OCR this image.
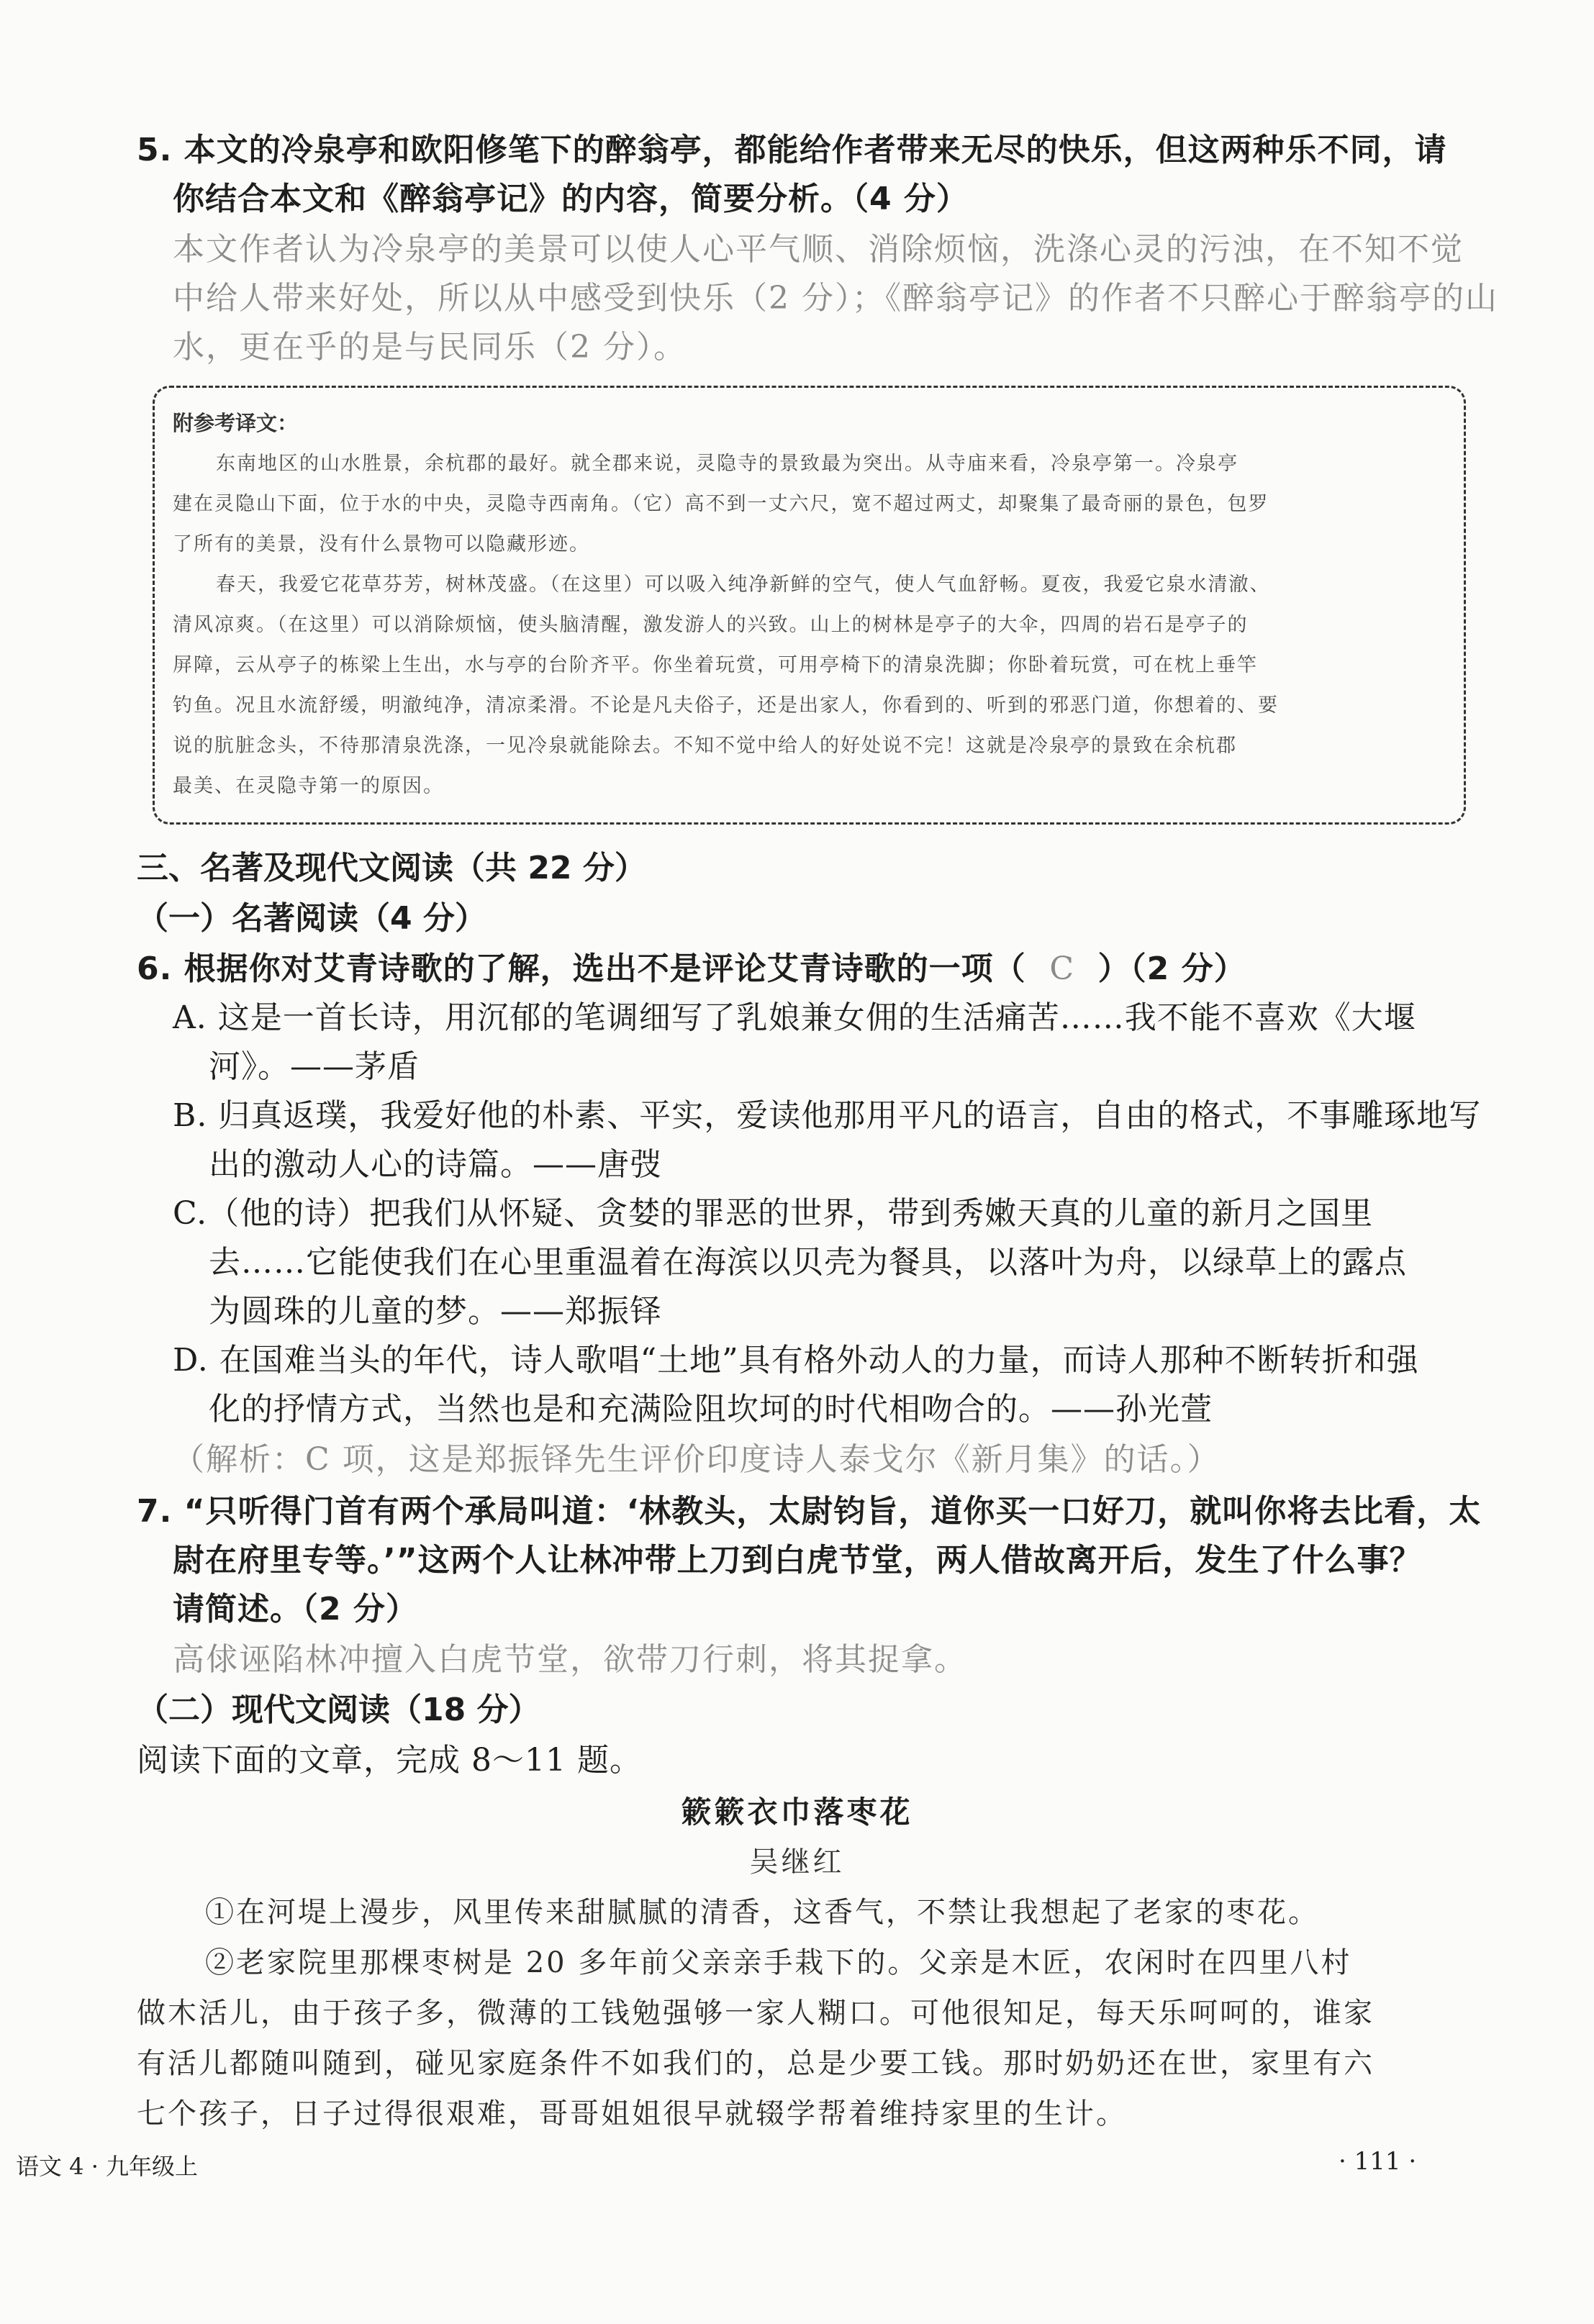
5. 本文的冷泉亭和欧阳修笔下的醉翁亭，都能给作者带来无尽的快乐，但这两种乐不同，请
你结合本文和《醉翁亭记》的内容，简要分析。（4 分）
本文作者认为冷泉亭的美景可以使人心平气顺、消除烦恼，洗涤心灵的污浊，在不知不觉
中给人带来好处，所以从中感受到快乐（2 分）；《醉翁亭记》的作者不只醉心于醉翁亭的山
水，更在乎的是与民同乐（2 分）。
附参考译文：
东南地区的山水胜景，余杭郡的最好。就全郡来说，灵隐寺的景致最为突出。从寺庙来看，冷泉亭第一。冷泉亭
建在灵隐山下面，位于水的中央，灵隐寺西南角。（它）高不到一丈六尺，宽不超过两丈，却聚集了最奇丽的景色，包罗
了所有的美景，没有什么景物可以隐藏形迹。
春天，我爱它花草芬芳，树林茂盛。（在这里）可以吸入纯净新鲜的空气，使人气血舒畅。夏夜，我爱它泉水清澈、
清风凉爽。（在这里）可以消除烦恼，使头脑清醒，激发游人的兴致。山上的树林是亭子的大伞，四周的岩石是亭子的
屏障，云从亭子的栋梁上生出，水与亭的台阶齐平。你坐着玩赏，可用亭椅下的清泉洗脚；你卧着玩赏，可在枕上垂竿
钓鱼。况且水流舒缓，明澈纯净，清凉柔滑。不论是凡夫俗子，还是出家人，你看到的、听到的邪恶门道，你想着的、要
说的肮脏念头，不待那清泉洗涤，一见冷泉就能除去。不知不觉中给人的好处说不完！这就是冷泉亭的景致在余杭郡
最美、在灵隐寺第一的原因。
三、名著及现代文阅读（共 22 分）
（一）名著阅读（4 分）
6. 根据你对艾青诗歌的了解，选出不是评论艾青诗歌的一项（ C ）（2 分）
A. 这是一首长诗，用沉郁的笔调细写了乳娘兼女佣的生活痛苦……我不能不喜欢《大堰
河》。——茅盾
B. 归真返璞，我爱好他的朴素、平实，爱读他那用平凡的语言，自由的格式，不事雕琢地写
出的激动人心的诗篇。——唐弢
C.（他的诗）把我们从怀疑、贪婪的罪恶的世界，带到秀嫩天真的儿童的新月之国里
去……它能使我们在心里重温着在海滨以贝壳为餐具，以落叶为舟，以绿草上的露点
为圆珠的儿童的梦。——郑振铎
D. 在国难当头的年代，诗人歌唱“土地”具有格外动人的力量，而诗人那种不断转折和强
化的抒情方式，当然也是和充满险阻坎坷的时代相吻合的。——孙光萱
（解析：C 项，这是郑振铎先生评价印度诗人泰戈尔《新月集》的话。）
7. “只听得门首有两个承局叫道：‘林教头，太尉钧旨，道你买一口好刀，就叫你将去比看，太
尉在府里专等。’”这两个人让林冲带上刀到白虎节堂，两人借故离开后，发生了什么事？
请简述。（2 分）
高俅诬陷林冲擅入白虎节堂，欲带刀行刺，将其捉拿。
（二）现代文阅读（18 分）
阅读下面的文章，完成 8～11 题。
簌簌衣巾落枣花
吴继红
①在河堤上漫步，风里传来甜腻腻的清香，这香气，不禁让我想起了老家的枣花。
②老家院里那棵枣树是 20 多年前父亲亲手栽下的。父亲是木匠，农闲时在四里八村
做木活儿，由于孩子多，微薄的工钱勉强够一家人糊口。可他很知足，每天乐呵呵的，谁家
有活儿都随叫随到，碰见家庭条件不如我们的，总是少要工钱。那时奶奶还在世，家里有六
七个孩子，日子过得很艰难，哥哥姐姐很早就辍学帮着维持家里的生计。
语文 4 · 九年级上	· 111 ·
